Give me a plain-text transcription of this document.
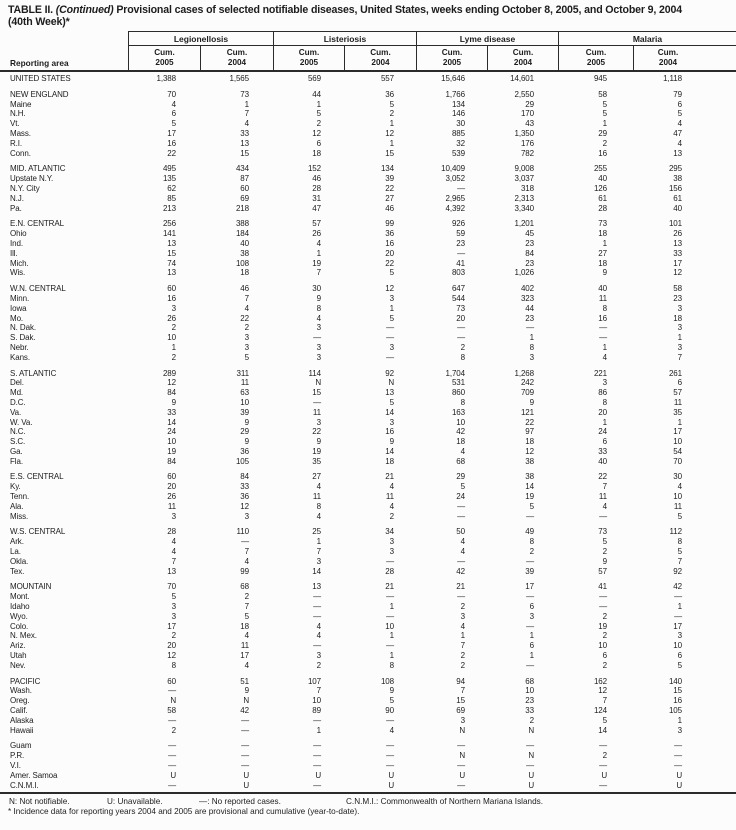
TABLE II. (Continued) Provisional cases of selected notifiable diseases, United States, weeks ending October 8, 2005, and October 9, 2004
(40th Week)*
Reporting area
Legionellosis	Listeriosis	Lyme disease	Malaria
Cum.
2005
Cum.
2004
Cum.
2005
Cum.
2004
Cum.
2005
Cum.
2004
Cum.
2005
Cum.
2004
UNITED STATES	1,388	1,565	569	557	15,646	14,601	945	1,118
NEW ENGLAND	70	73	44	36	1,766	2,550	58	79
Maine	4	1	1	5	134	29	5	6
N.H.	6	7	5	2	146	170	5	5
Vt.	5	4	2	1	30	43	1	4
Mass.	17	33	12	12	885	1,350	29	47
R.I.	16	13	6	1	32	176	2	4
Conn.	22	15	18	15	539	782	16	13
MID. ATLANTIC	495	434	152	134	10,409	9,008	255	295
Upstate N.Y.	135	87	46	39	3,052	3,037	40	38
N.Y. City	62	60	28	22	—	318	126	156
N.J.	85	69	31	27	2,965	2,313	61	61
Pa.	213	218	47	46	4,392	3,340	28	40
E.N. CENTRAL	256	388	57	99	926	1,201	73	101
Ohio	141	184	26	36	59	45	18	26
Ind.	13	40	4	16	23	23	1	13
Ill.	15	38	1	20	—	84	27	33
Mich.	74	108	19	22	41	23	18	17
Wis.	13	18	7	5	803	1,026	9	12
W.N. CENTRAL	60	46	30	12	647	402	40	58
Minn.	16	7	9	3	544	323	11	23
Iowa	3	4	8	1	73	44	8	3
Mo.	26	22	4	5	20	23	16	18
N. Dak.	2	2	3	—	—	—	—	3
S. Dak.	10	3	—	—	—	1	—	1
Nebr.	1	3	3	3	2	8	1	3
Kans.	2	5	3	—	8	3	4	7
S. ATLANTIC	289	311	114	92	1,704	1,268	221	261
Del.	12	11	N	N	531	242	3	6
Md.	84	63	15	13	860	709	86	57
D.C.	9	10	—	5	8	9	8	11
Va.	33	39	11	14	163	121	20	35
W. Va.	14	9	3	3	10	22	1	1
N.C.	24	29	22	16	42	97	24	17
S.C.	10	9	9	9	18	18	6	10
Ga.	19	36	19	14	4	12	33	54
Fla.	84	105	35	18	68	38	40	70
E.S. CENTRAL	60	84	27	21	29	38	22	30
Ky.	20	33	4	4	5	14	7	4
Tenn.	26	36	11	11	24	19	11	10
Ala.	11	12	8	4	—	5	4	11
Miss.	3	3	4	2	—	—	—	5
W.S. CENTRAL	28	110	25	34	50	49	73	112
Ark.	4	—	1	3	4	8	5	8
La.	4	7	7	3	4	2	2	5
Okla.	7	4	3	—	—	—	9	7
Tex.	13	99	14	28	42	39	57	92
MOUNTAIN	70	68	13	21	21	17	41	42
Mont.	5	2	—	—	—	—	—	—
Idaho	3	7	—	1	2	6	—	1
Wyo.	3	5	—	—	3	3	2	—
Colo.	17	18	4	10	4	—	19	17
N. Mex.	2	4	4	1	1	1	2	3
Ariz.	20	11	—	—	7	6	10	10
Utah	12	17	3	1	2	1	6	6
Nev.	8	4	2	8	2	—	2	5
PACIFIC	60	51	107	108	94	68	162	140
Wash.	—	9	7	9	7	10	12	15
Oreg.	N	N	10	5	15	23	7	16
Calif.	58	42	89	90	69	33	124	105
Alaska	—	—	—	—	3	2	5	1
Hawaii	2	—	1	4	N	N	14	3
Guam	—	—	—	—	—	—	—	—
P.R.	—	—	—	—	N	N	2	—
V.I.	—	—	—	—	—	—	—	—
Amer. Samoa	U	U	U	U	U	U	U	U
C.N.M.I.	—	U	—	U	—	U	—	U
N: Not notifiable.	U: Unavailable.	—: No reported cases.	C.N.M.I.: Commonwealth of Northern Mariana Islands.
* Incidence data for reporting years 2004 and 2005 are provisional and cumulative (year-to-date).
